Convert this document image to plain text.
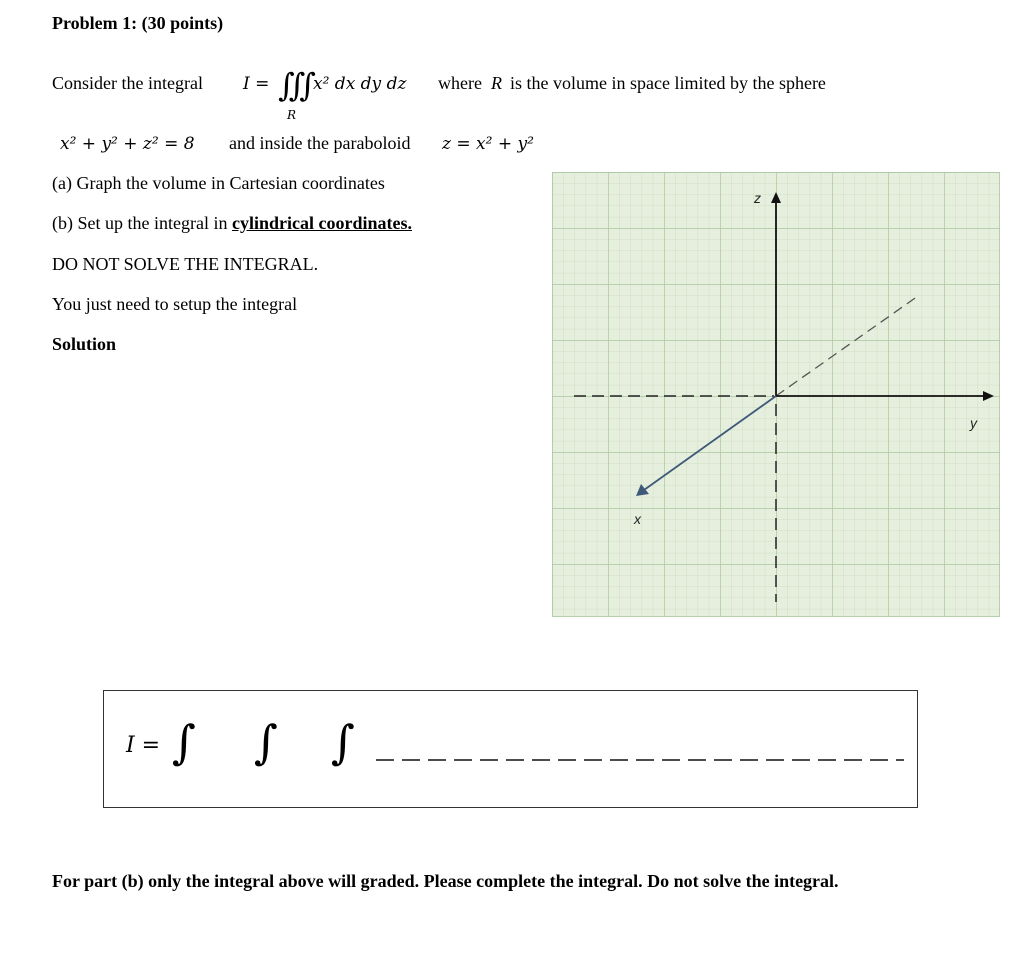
Problem 1: (30 points)
Consider the integral I = ∭
R
x² dx dy dz where R is the volume in space limited by the sphere
x² + y² + z² = 8 and inside the paraboloid z = x² + y²
(a) Graph the volume in Cartesian coordinates
(b) Set up the integral in cylindrical coordinates.
DO NOT SOLVE THE INTEGRAL.
You just need to setup the integral
Solution
z
y
x
I = ∫ ∫ ∫
For part (b) only the integral above will graded. Please complete the integral. Do not solve the integral.
